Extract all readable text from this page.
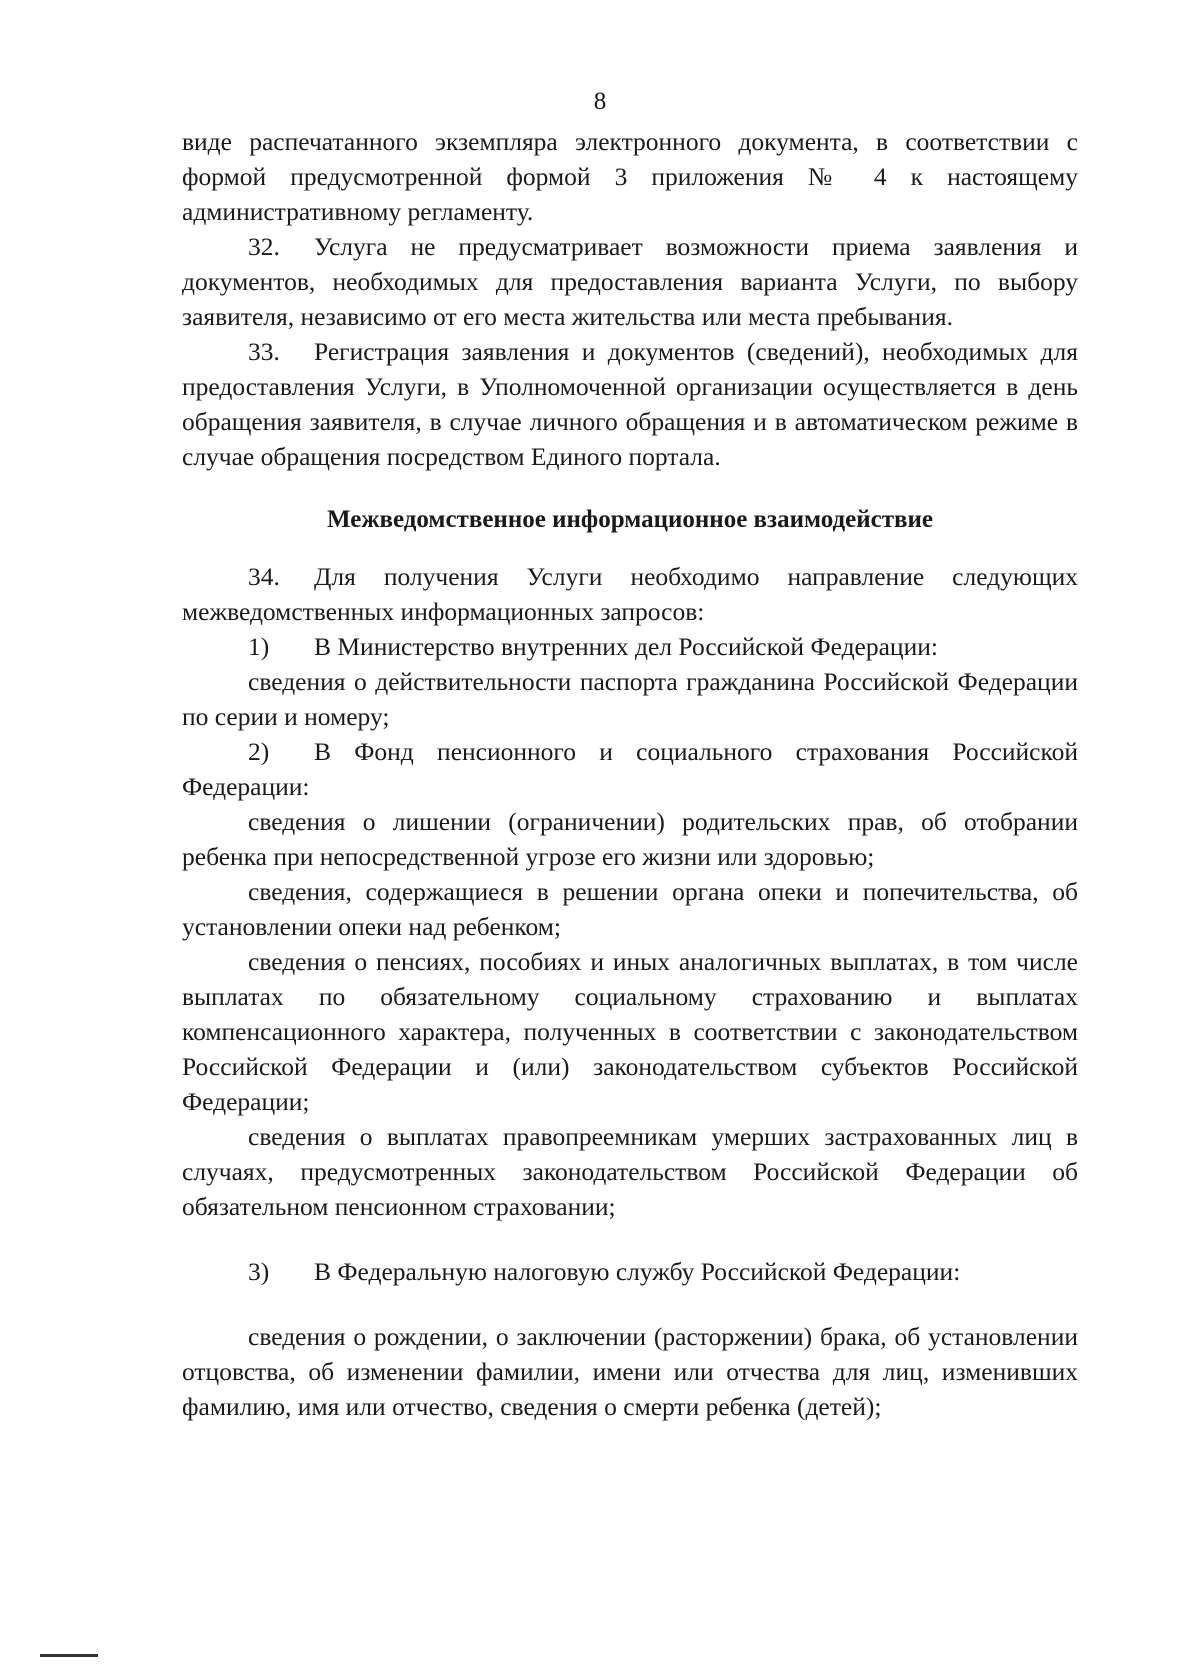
8

виде распечатанного экземпляра электронного документа, в соответствии с формой предусмотренной формой 3 приложения № 4 к настоящему административному регламенту.

32. Услуга не предусматривает возможности приема заявления и документов, необходимых для предоставления варианта Услуги, по выбору заявителя, независимо от его места жительства или места пребывания.

33. Регистрация заявления и документов (сведений), необходимых для предоставления Услуги, в Уполномоченной организации осуществляется в день обращения заявителя, в случае личного обращения и в автоматическом режиме в случае обращения посредством Единого портала.

Межведомственное информационное взаимодействие

34. Для получения Услуги необходимо направление следующих межведомственных информационных запросов:

1) В Министерство внутренних дел Российской Федерации:

сведения о действительности паспорта гражданина Российской Федерации по серии и номеру;

2) В Фонд пенсионного и социального страхования Российской Федерации:

сведения о лишении (ограничении) родительских прав, об отобрании ребенка при непосредственной угрозе его жизни или здоровью;

сведения, содержащиеся в решении органа опеки и попечительства, об установлении опеки над ребенком;

сведения о пенсиях, пособиях и иных аналогичных выплатах, в том числе выплатах по обязательному социальному страхованию и выплатах компенсационного характера, полученных в соответствии с законодательством Российской Федерации и (или) законодательством субъектов Российской Федерации;

сведения о выплатах правопреемникам умерших застрахованных лиц в случаях, предусмотренных законодательством Российской Федерации об обязательном пенсионном страховании;

3) В Федеральную налоговую службу Российской Федерации:

сведения о рождении, о заключении (расторжении) брака, об установлении отцовства, об изменении фамилии, имени или отчества для лиц, изменивших фамилию, имя или отчество, сведения о смерти ребенка (детей);
